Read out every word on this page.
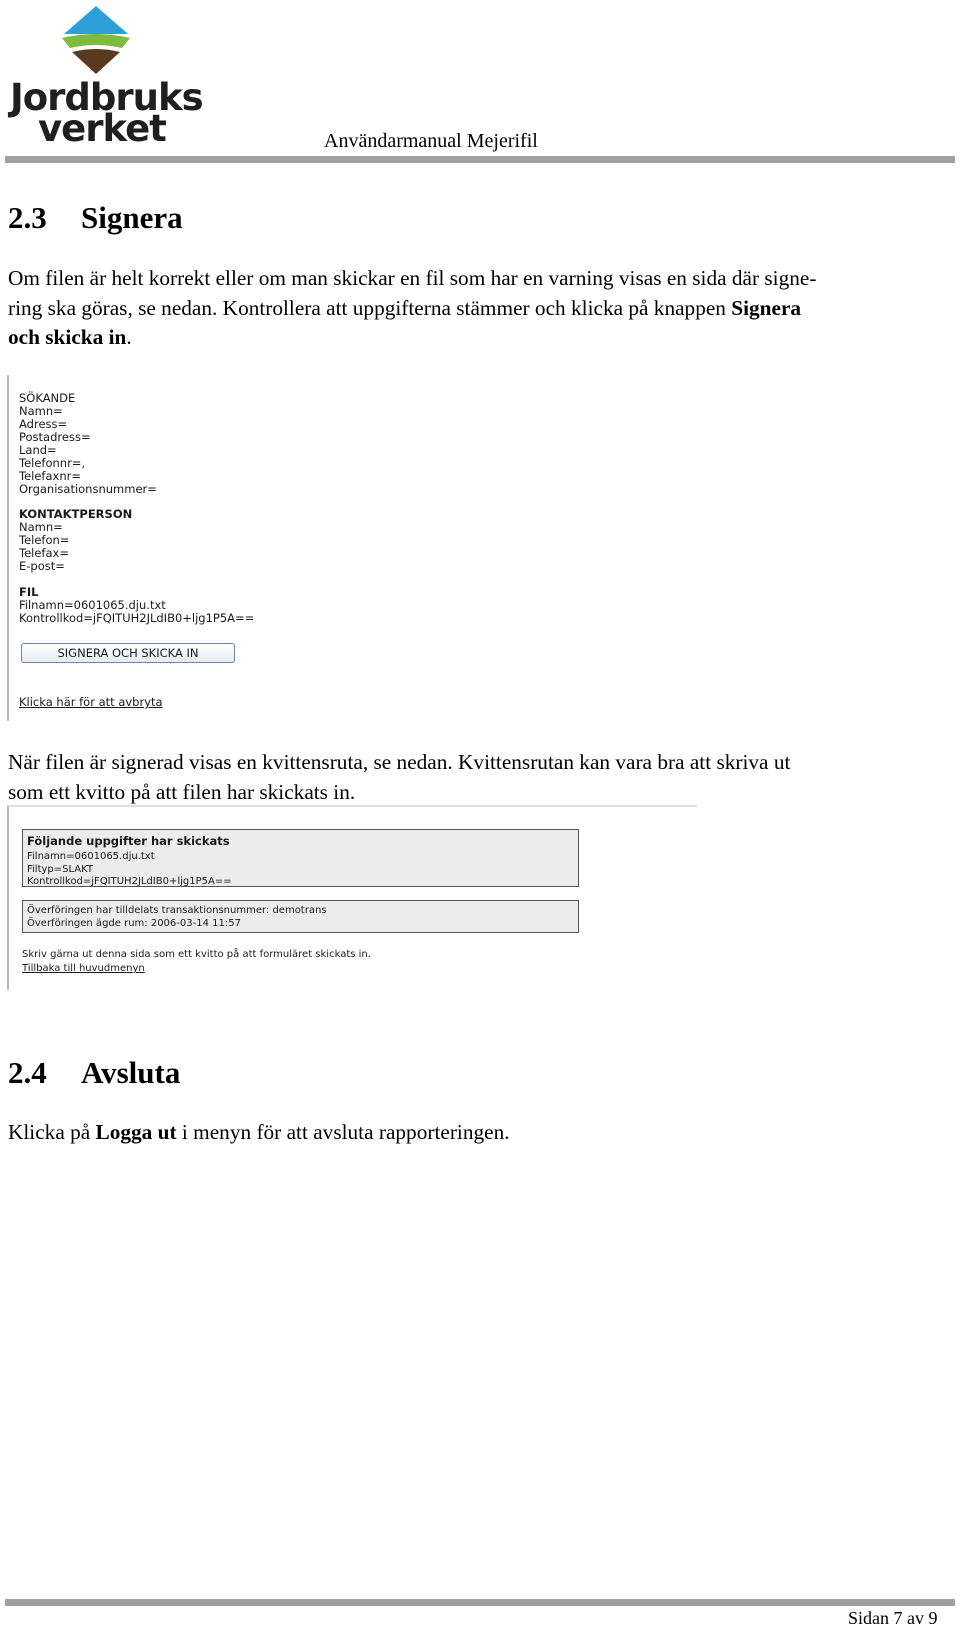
Jordbruks
verket	Användarmanual Mejerifil
2.3 Signera
Om filen är helt korrekt eller om man skickar en fil som har en varning visas en sida där signe-
ring ska göras, se nedan. Kontrollera att uppgifterna stämmer och klicka på knappen Signera
och skicka in.
SÖKANDE
Namn=
Adress=
Postadress=
Land=
Telefonnr=,
Telefaxnr=
Organisationsnummer=
KONTAKTPERSON
Namn=
Telefon=
Telefax=
E-post=
FIL
Filnamn=0601065.dju.txt
Kontrollkod=jFQITUH2JLdIB0+ljg1P5A==
SIGNERA OCH SKICKA IN
Klicka här för att avbryta
När filen är signerad visas en kvittensruta, se nedan. Kvittensrutan kan vara bra att skriva ut
som ett kvitto på att filen har skickats in.
Följande uppgifter har skickats
Filnamn=0601065.dju.txt
Filtyp=SLAKT
Kontrollkod=jFQITUH2JLdIB0+ljg1P5A==
Överföringen har tilldelats transaktionsnummer: demotrans
Överföringen ägde rum: 2006-03-14 11:57
Skriv gärna ut denna sida som ett kvitto på att formuläret skickats in.
Tillbaka till huvudmenyn
2.4 Avsluta
Klicka på Logga ut i menyn för att avsluta rapporteringen.
Sidan 7 av 9
